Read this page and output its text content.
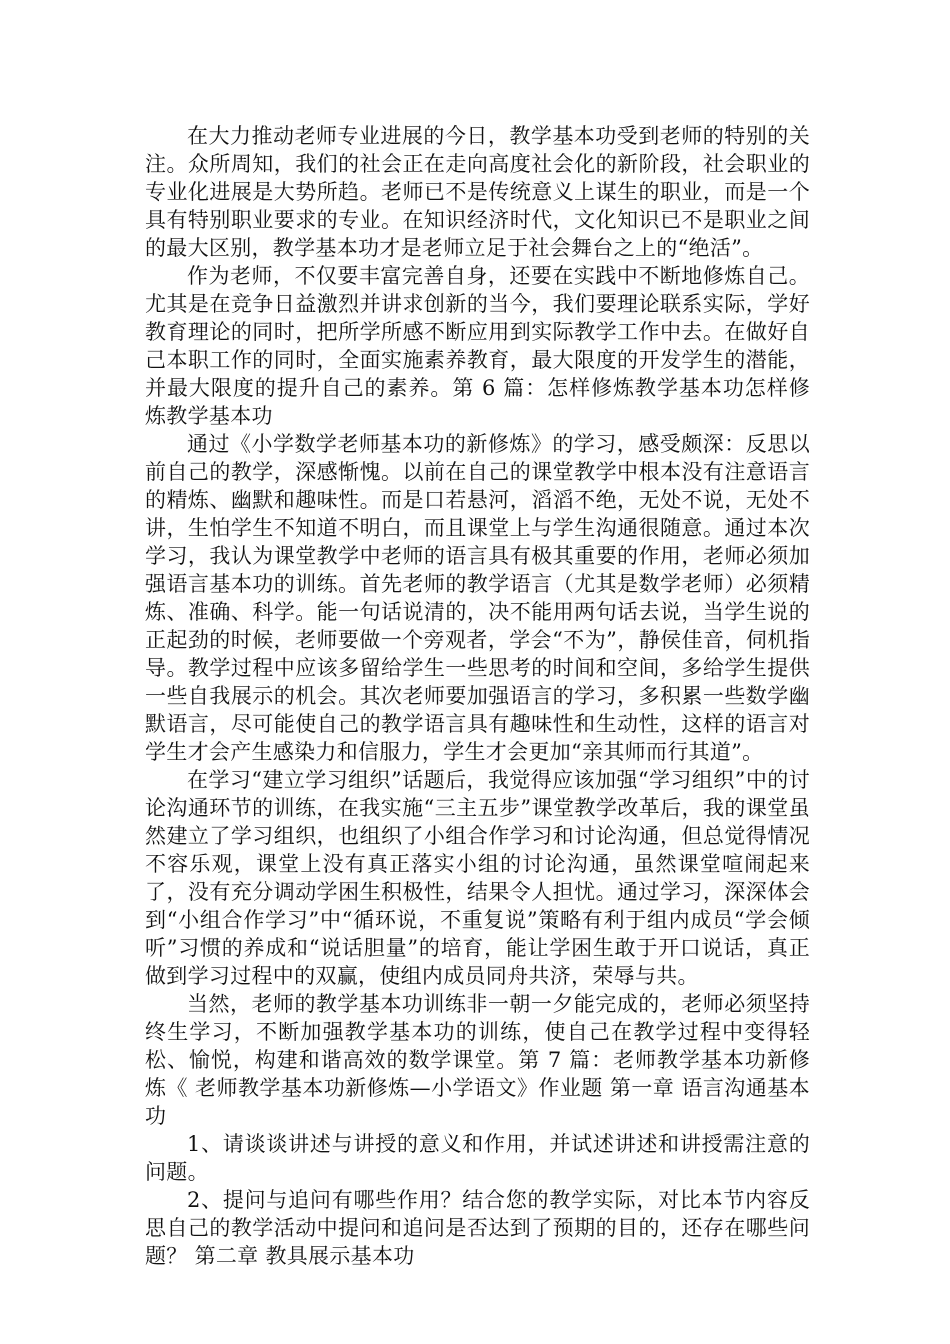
在大力推动老师专业进展的今日，教学基本功受到老师的特别的关注。众所周知，我们的社会正在走向高度社会化的新阶段，社会职业的专业化进展是大势所趋。老师已不是传统意义上谋生的职业，而是一个具有特别职业要求的专业。在知识经济时代，文化知识已不是职业之间的最大区别，教学基本功才是老师立足于社会舞台之上的“绝活”。

作为老师，不仅要丰富完善自身，还要在实践中不断地修炼自己。尤其是在竞争日益激烈并讲求创新的当今，我们要理论联系实际，学好教育理论的同时，把所学所感不断应用到实际教学工作中去。在做好自己本职工作的同时，全面实施素养教育，最大限度的开发学生的潜能，并最大限度的提升自己的素养。第 6 篇：怎样修炼教学基本功怎样修炼教学基本功

通过《小学数学老师基本功的新修炼》的学习，感受颇深：反思以前自己的教学，深感惭愧。以前在自己的课堂教学中根本没有注意语言的精炼、幽默和趣味性。而是口若悬河，滔滔不绝，无处不说，无处不讲，生怕学生不知道不明白，而且课堂上与学生沟通很随意。通过本次学习，我认为课堂教学中老师的语言具有极其重要的作用，老师必须加强语言基本功的训练。首先老师的教学语言（尤其是数学老师）必须精炼、准确、科学。能一句话说清的，决不能用两句话去说，当学生说的正起劲的时候，老师要做一个旁观者，学会“不为”，静侯佳音，伺机指导。教学过程中应该多留给学生一些思考的时间和空间，多给学生提供一些自我展示的机会。其次老师要加强语言的学习，多积累一些数学幽默语言，尽可能使自己的教学语言具有趣味性和生动性，这样的语言对学生才会产生感染力和信服力，学生才会更加“亲其师而行其道”。

在学习“建立学习组织”话题后，我觉得应该加强“学习组织”中的讨论沟通环节的训练，在我实施“三主五步”课堂教学改革后，我的课堂虽然建立了学习组织，也组织了小组合作学习和讨论沟通，但总觉得情况不容乐观，课堂上没有真正落实小组的讨论沟通，虽然课堂喧闹起来了，没有充分调动学困生积极性，结果令人担忧。通过学习，深深体会到“小组合作学习”中“循环说，不重复说”策略有利于组内成员“学会倾听”习惯的养成和“说话胆量”的培育，能让学困生敢于开口说话，真正做到学习过程中的双赢，使组内成员同舟共济，荣辱与共。

当然，老师的教学基本功训练非一朝一夕能完成的，老师必须坚持终生学习，不断加强教学基本功的训练，使自己在教学过程中变得轻松、愉悦，构建和谐高效的数学课堂。第 7 篇：老师教学基本功新修炼《 老师教学基本功新修炼—小学语文》作业题 第一章 语言沟通基本功

1、请谈谈讲述与讲授的意义和作用，并试述讲述和讲授需注意的问题。

2、提问与追问有哪些作用？结合您的教学实际，对比本节内容反思自己的教学活动中提问和追问是否达到了预期的目的，还存在哪些问题？ 第二章 教具展示基本功
